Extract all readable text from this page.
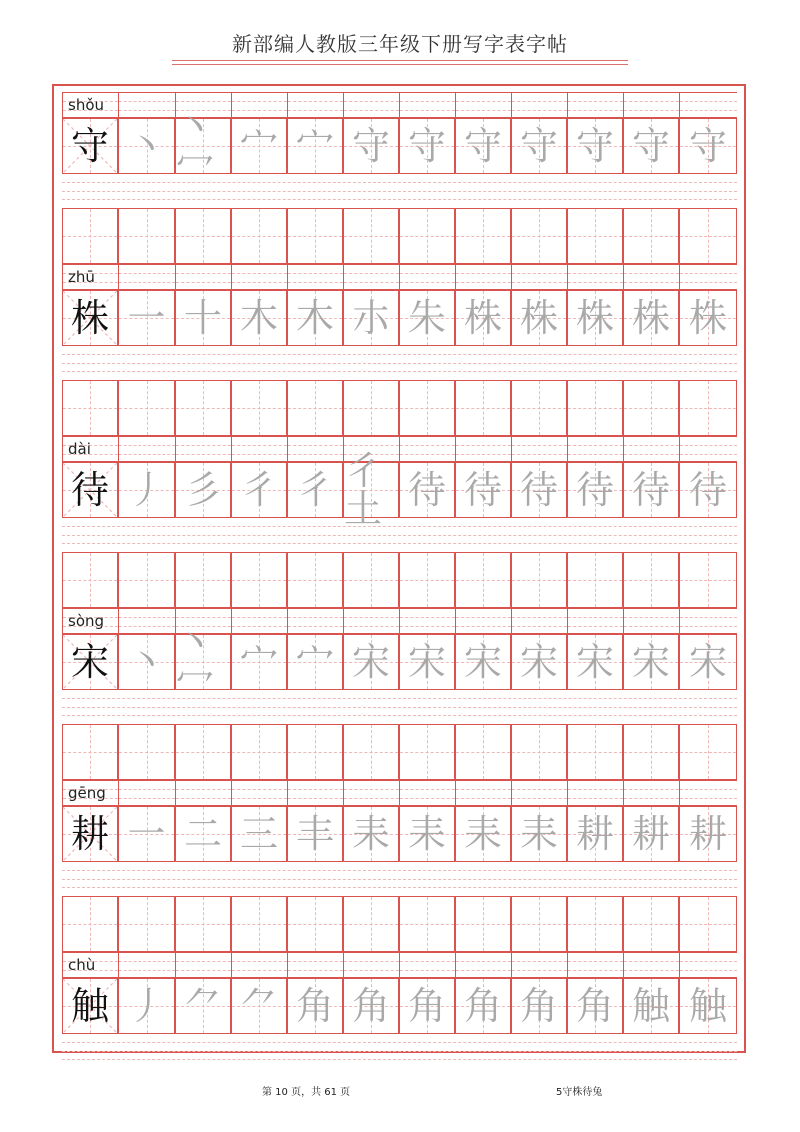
新部编人教版三年级下册写字表字帖
shǒu
守 丶 丶冖 宀 宀 守 守 守 守 守 守 守
zhū
株 一 十 木 木 朩 朱 株 株 株 株 株
dài
待 丿 彡 彳 彳 彳土 待 待 待 待 待 待
sòng
宋 丶 丶冖 宀 宀 宋 宋 宋 宋 宋 宋 宋
gēng
耕 一 二 三 丰 耒 耒 耒 耒 耕 耕 耕
chù
触 丿 ⺈ ⺈ 角 角 角 角 角 角 触 触
第 10 页，共 61 页	5守株待兔
